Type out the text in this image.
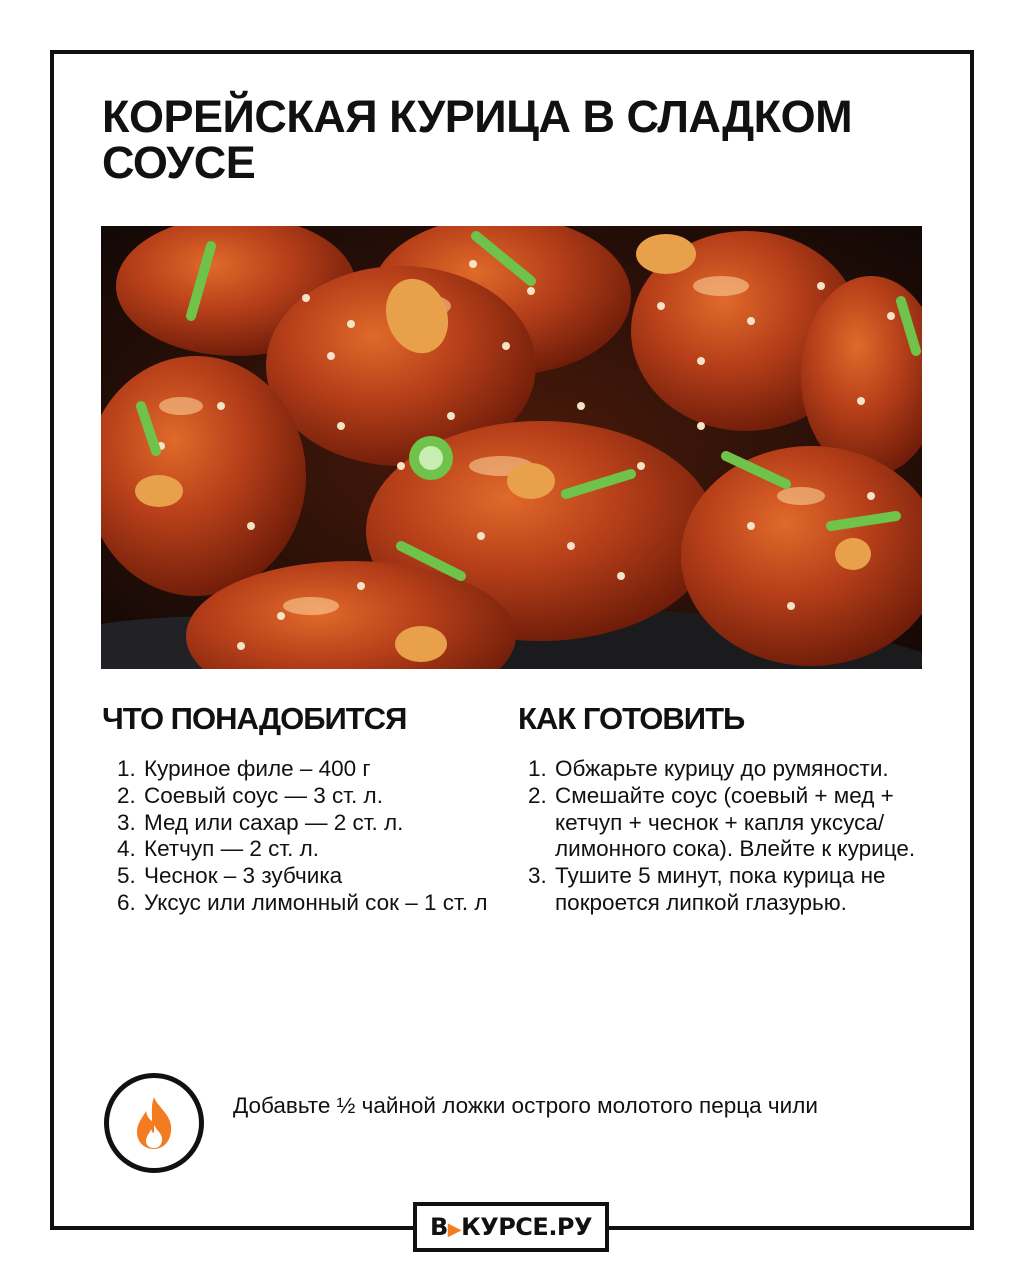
КОРЕЙСКАЯ КУРИЦА В СЛАДКОМ СОУСЕ
ЧТО ПОНАДОБИТСЯ
1. Куриное филе – 400 г
2. Соевый соус — 3 ст. л.
3. Мед или сахар — 2 ст. л.
4. Кетчуп — 2 ст. л.
5. Чеснок – 3 зубчика
6. Уксус или лимонный сок – 1 ст. л
КАК ГОТОВИТЬ
1. Обжарьте курицу до румяности.
2. Смешайте соус (соевый + мед + кетчуп + чеснок + капля уксуса/лимонного сока). Влейте к курице.
3. Тушите 5 минут, пока курица не покроется липкой глазурью.

Добавьте ½ чайной ложки острого молотого перца чили

В▶КУРСЕ.РУ
